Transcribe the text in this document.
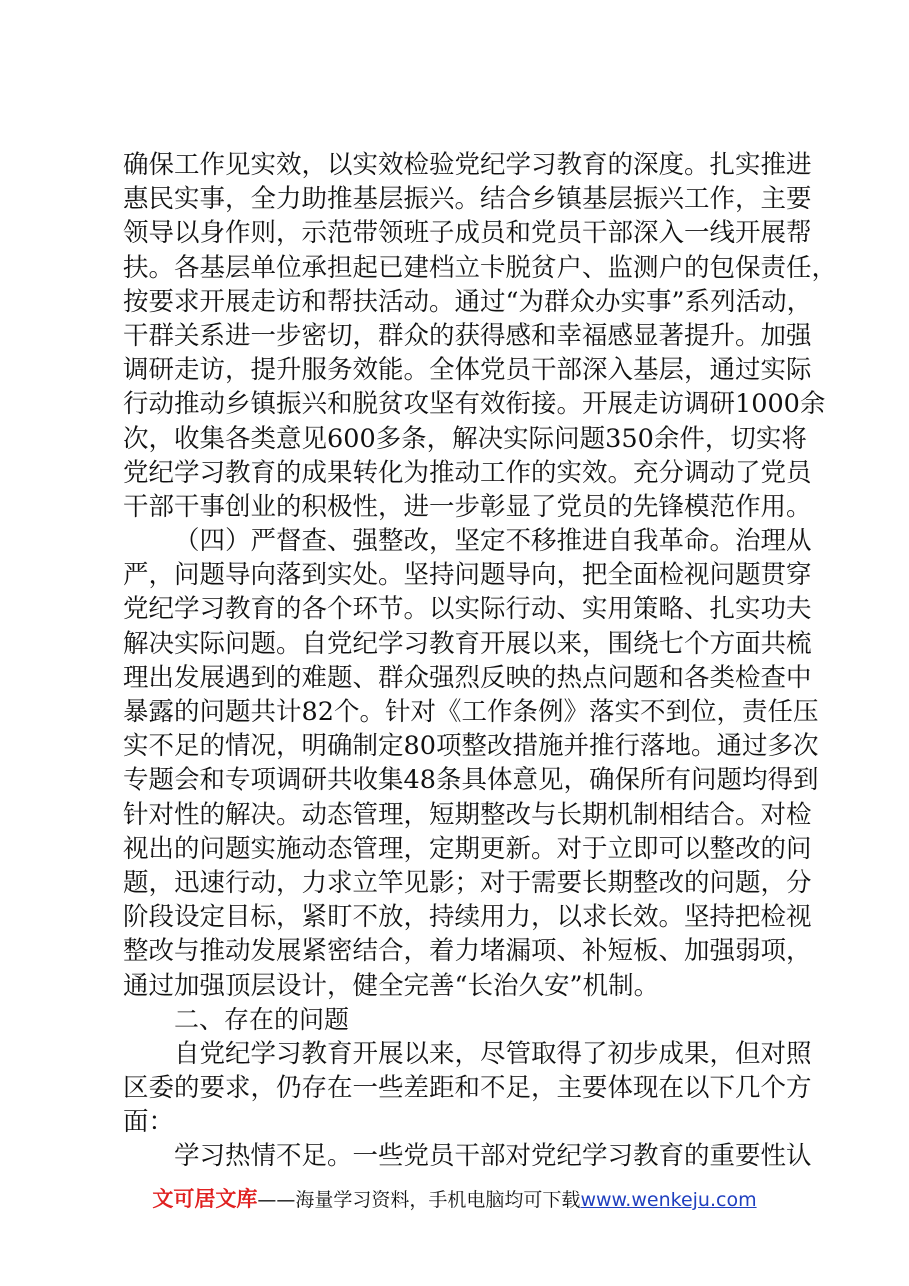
确保工作见实效，以实效检验党纪学习教育的深度。扎实推进
惠民实事，全力助推基层振兴。结合乡镇基层振兴工作，主要
领导以身作则，示范带领班子成员和党员干部深入一线开展帮
扶。各基层单位承担起已建档立卡脱贫户、监测户的包保责任，
按要求开展走访和帮扶活动。通过“为群众办实事”系列活动，
干群关系进一步密切，群众的获得感和幸福感显著提升。加强
调研走访，提升服务效能。全体党员干部深入基层，通过实际
行动推动乡镇振兴和脱贫攻坚有效衔接。开展走访调研1000余
次，收集各类意见600多条，解决实际问题350余件，切实将
党纪学习教育的成果转化为推动工作的实效。充分调动了党员
干部干事创业的积极性，进一步彰显了党员的先锋模范作用。
（四）严督查、强整改，坚定不移推进自我革命。治理从
严，问题导向落到实处。坚持问题导向，把全面检视问题贯穿
党纪学习教育的各个环节。以实际行动、实用策略、扎实功夫
解决实际问题。自党纪学习教育开展以来，围绕七个方面共梳
理出发展遇到的难题、群众强烈反映的热点问题和各类检查中
暴露的问题共计82个。针对《工作条例》落实不到位，责任压
实不足的情况，明确制定80项整改措施并推行落地。通过多次
专题会和专项调研共收集48条具体意见，确保所有问题均得到
针对性的解决。动态管理，短期整改与长期机制相结合。对检
视出的问题实施动态管理，定期更新。对于立即可以整改的问
题，迅速行动，力求立竿见影；对于需要长期整改的问题，分
阶段设定目标，紧盯不放，持续用力，以求长效。坚持把检视
整改与推动发展紧密结合，着力堵漏项、补短板、加强弱项，
通过加强顶层设计，健全完善“长治久安”机制。
二、存在的问题
自党纪学习教育开展以来，尽管取得了初步成果，但对照
区委的要求，仍存在一些差距和不足，主要体现在以下几个方
面：
学习热情不足。一些党员干部对党纪学习教育的重要性认
文可居文库——海量学习资料，手机电脑均可下载www.wenkeju.com
